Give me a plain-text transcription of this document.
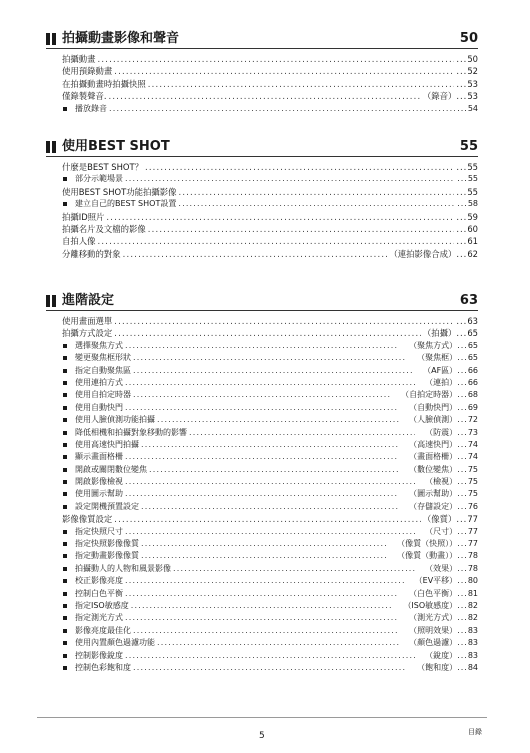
拍攝動畫影像和聲音	50
拍攝動畫 .....	... 50
使用預錄動畫 .....	... 52
在拍攝動畫時拍攝快照 .....	... 53
僅錄製聲音. .....	（錄音）	... 53
播放錄音 .....	... 54
使用BEST SHOT	55
什麼是BEST SHOT？ .....	... 55
部分示範場景 .....	... 55
使用BEST SHOT功能拍攝影像 .....	... 55
建立自己的BEST SHOT設置 .....	... 58
拍攝ID照片 .....	... 59
拍攝名片及文檔的影像 .....	... 60
自拍人像 .....	... 61
分離移動的對象 .....	（連拍影像合成）	... 62
進階設定	63
使用畫面選單 .....	... 63
拍攝方式設定 .....	（拍攝）	... 65
選擇聚焦方式 .....	（聚焦方式）	... 65
變更聚焦框形狀 .....	（聚焦框）	... 65
指定自動聚焦區 .....	（AF區）	... 66
使用連拍方式 .....	（連拍）	... 66
使用自拍定時器 .....	（自拍定時器）	... 68
使用自動快門 .....	（自動快門）	... 69
使用人臉偵測功能拍攝 .....	（人臉偵測）	... 72
降低相機和拍攝對象移動的影響 .....	（防震）	... 73
使用高速快門拍攝 .....	（高速快門）	... 74
顯示畫面格柵 .....	（畫面格柵）	... 74
開啟或關閉數位變焦 .....	（數位變焦）	... 75
開啟影像檢視 .....	（檢視）	... 75
使用圖示幫助 .....	（圖示幫助）	... 75
設定開機預置設定 .....	（存儲設定）	... 76
影像像質設定 .....	（像質）	... 77
指定快照尺寸 .....	（尺寸）	... 77
指定快照影像像質 .....	（像質（快照））	... 77
指定動畫影像像質 .....	（像質（動畫））	... 78
拍攝動人的人物和風景影像 .....	（效果）	... 78
校正影像亮度 .....	（EV平移）	... 80
控制白色平衡 .....	（白色平衡）	... 81
指定ISO敏感度 .....	（ISO敏感度）	... 82
指定測光方式 .....	（測光方式）	... 82
影像亮度最佳化 .....	（照明效果）	... 83
使用內置顏色過濾功能 .....	（顏色過濾）	... 83
控制影像銳度 .....	（銳度）	... 83
控制色彩飽和度 .....	（飽和度）	... 84
5	目錄
